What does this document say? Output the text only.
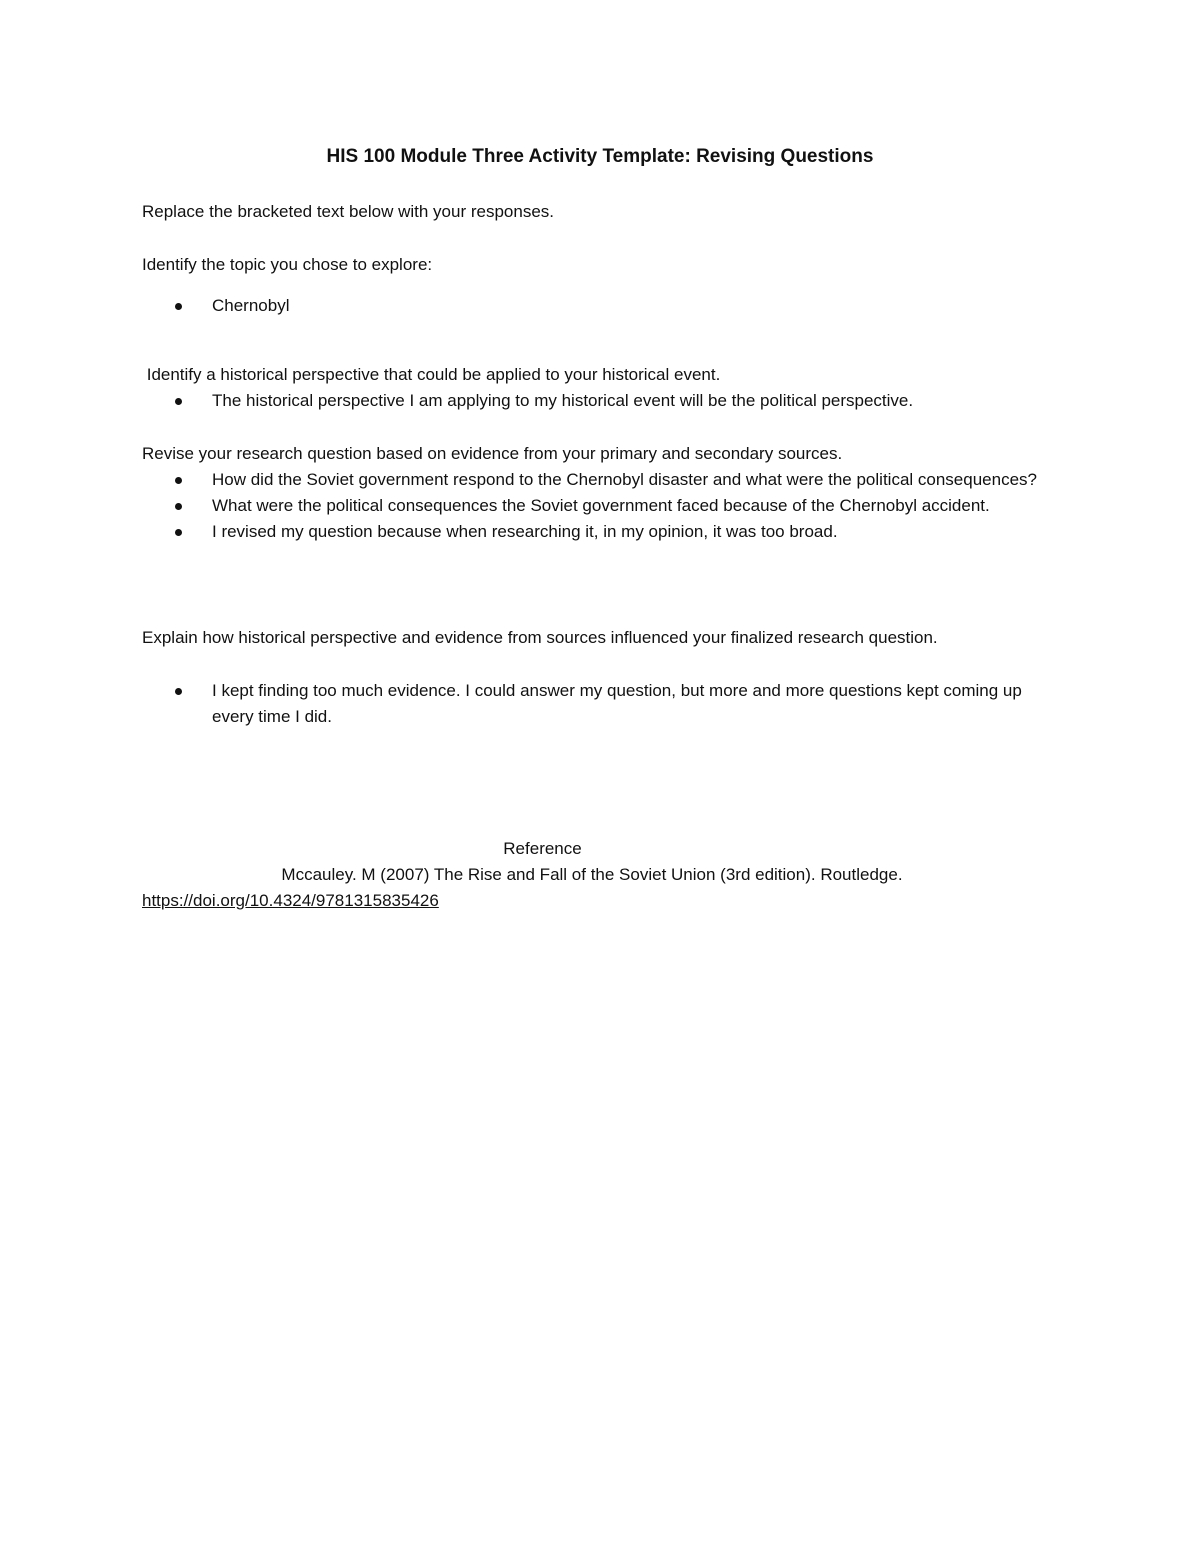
HIS 100 Module Three Activity Template: Revising Questions

Replace the bracketed text below with your responses.

Identify the topic you chose to explore:

Chernobyl

Identify a historical perspective that could be applied to your historical event.

The historical perspective I am applying to my historical event will be the political perspective.

Revise your research question based on evidence from your primary and secondary sources.

How did the Soviet government respond to the Chernobyl disaster and what were the political consequences?
What were the political consequences the Soviet government faced because of the Chernobyl accident.
I revised my question because when researching it, in my opinion, it was too broad.

Explain how historical perspective and evidence from sources influenced your finalized research question.

I kept finding too much evidence. I could answer my question, but more and more questions kept coming up every time I did.

Reference

Mccauley. M (2007) The Rise and Fall of the Soviet Union (3rd edition). Routledge.

https://doi.org/10.4324/9781315835426
